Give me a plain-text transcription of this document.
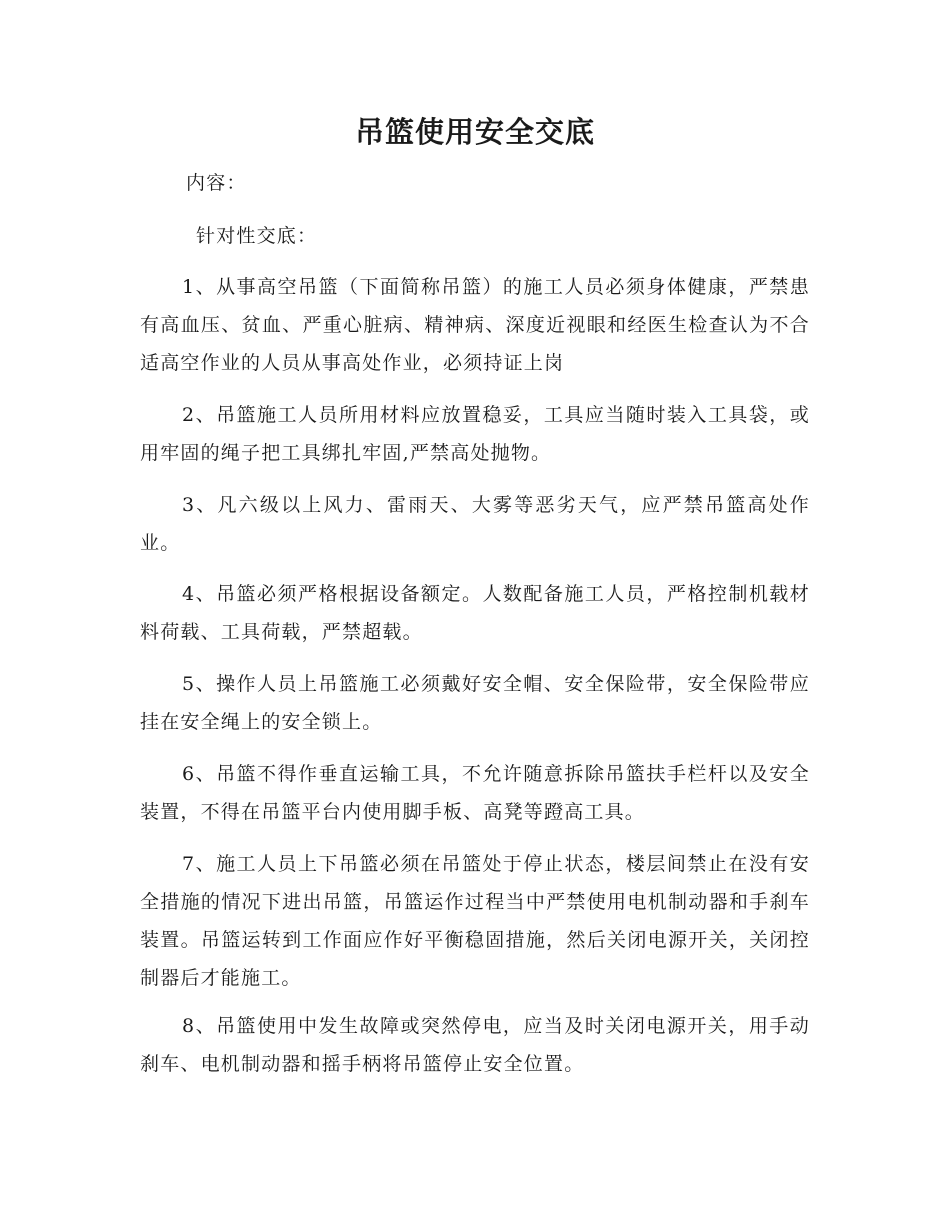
吊篮使用安全交底
内容：
针对性交底：

1、从事高空吊篮（下面简称吊篮）的施工人员必须身体健康，严禁患有高血压、贫血、严重心脏病、精神病、深度近视眼和经医生检查认为不合适高空作业的人员从事高处作业，必须持证上岗

2、吊篮施工人员所用材料应放置稳妥，工具应当随时装入工具袋，或用牢固的绳子把工具绑扎牢固,严禁高处抛物。

3、凡六级以上风力、雷雨天、大雾等恶劣天气，应严禁吊篮高处作业。

4、吊篮必须严格根据设备额定。人数配备施工人员，严格控制机载材料荷载、工具荷载，严禁超载。

5、操作人员上吊篮施工必须戴好安全帽、安全保险带，安全保险带应挂在安全绳上的安全锁上。

6、吊篮不得作垂直运输工具，不允许随意拆除吊篮扶手栏杆以及安全装置，不得在吊篮平台内使用脚手板、高凳等蹬高工具。

7、施工人员上下吊篮必须在吊篮处于停止状态，楼层间禁止在没有安全措施的情况下进出吊篮，吊篮运作过程当中严禁使用电机制动器和手刹车装置。吊篮运转到工作面应作好平衡稳固措施，然后关闭电源开关，关闭控制器后才能施工。

8、吊篮使用中发生故障或突然停电，应当及时关闭电源开关，用手动刹车、电机制动器和摇手柄将吊篮停止安全位置。
